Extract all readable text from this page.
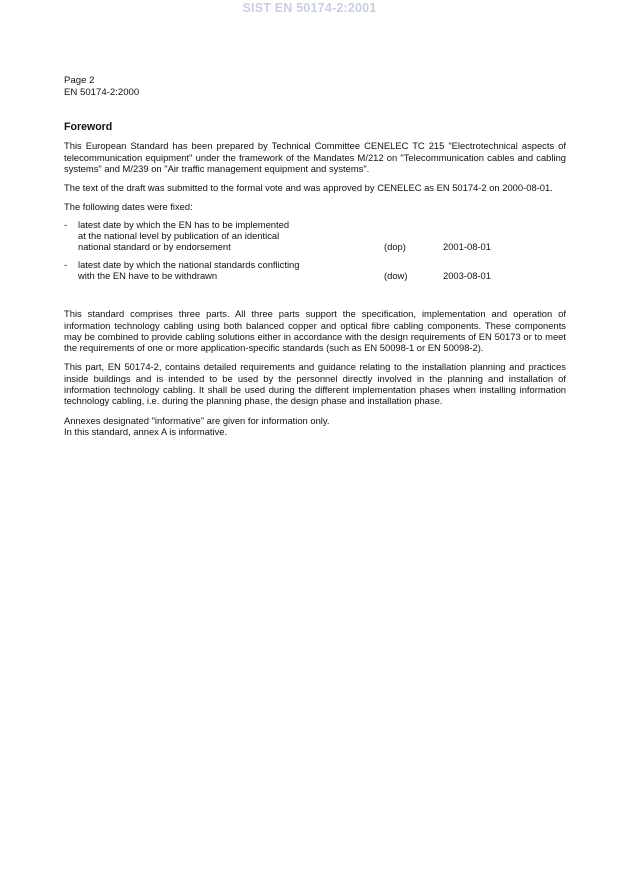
SIST EN 50174-2:2001
Page 2
EN 50174-2:2000
Foreword

This European Standard has been prepared by Technical Committee CENELEC TC 215 "Electrotechnical aspects of telecommunication equipment" under the framework of the Mandates M/212 on "Telecommunication cables and cabling systems" and M/239 on "Air traffic management equipment and systems".

The text of the draft was submitted to the formal vote and was approved by CENELEC as EN 50174-2 on 2000-08-01.

The following dates were fixed:

-	latest date by which the EN has to be implemented
at the national level by publication of an identical
national standard or by endorsement	(dop)	2001-08-01
-	latest date by which the national standards conflicting
with the EN have to be withdrawn	(dow)	2003-08-01

This standard comprises three parts. All three parts support the specification, implementation and operation of information technology cabling using both balanced copper and optical fibre cabling components. These components may be combined to provide cabling solutions either in accordance with the design requirements of EN 50173 or to meet the requirements of one or more application-specific standards (such as EN 50098-1 or EN 50098-2).

This part, EN 50174-2, contains detailed requirements and guidance relating to the installation planning and practices inside buildings and is intended to be used by the personnel directly involved in the planning and installation of information technology cabling. It shall be used during the different implementation phases when installing information technology cabling, i.e. during the planning phase, the design phase and installation phase.

Annexes designated "informative" are given for information only.

In this standard, annex A is informative.
